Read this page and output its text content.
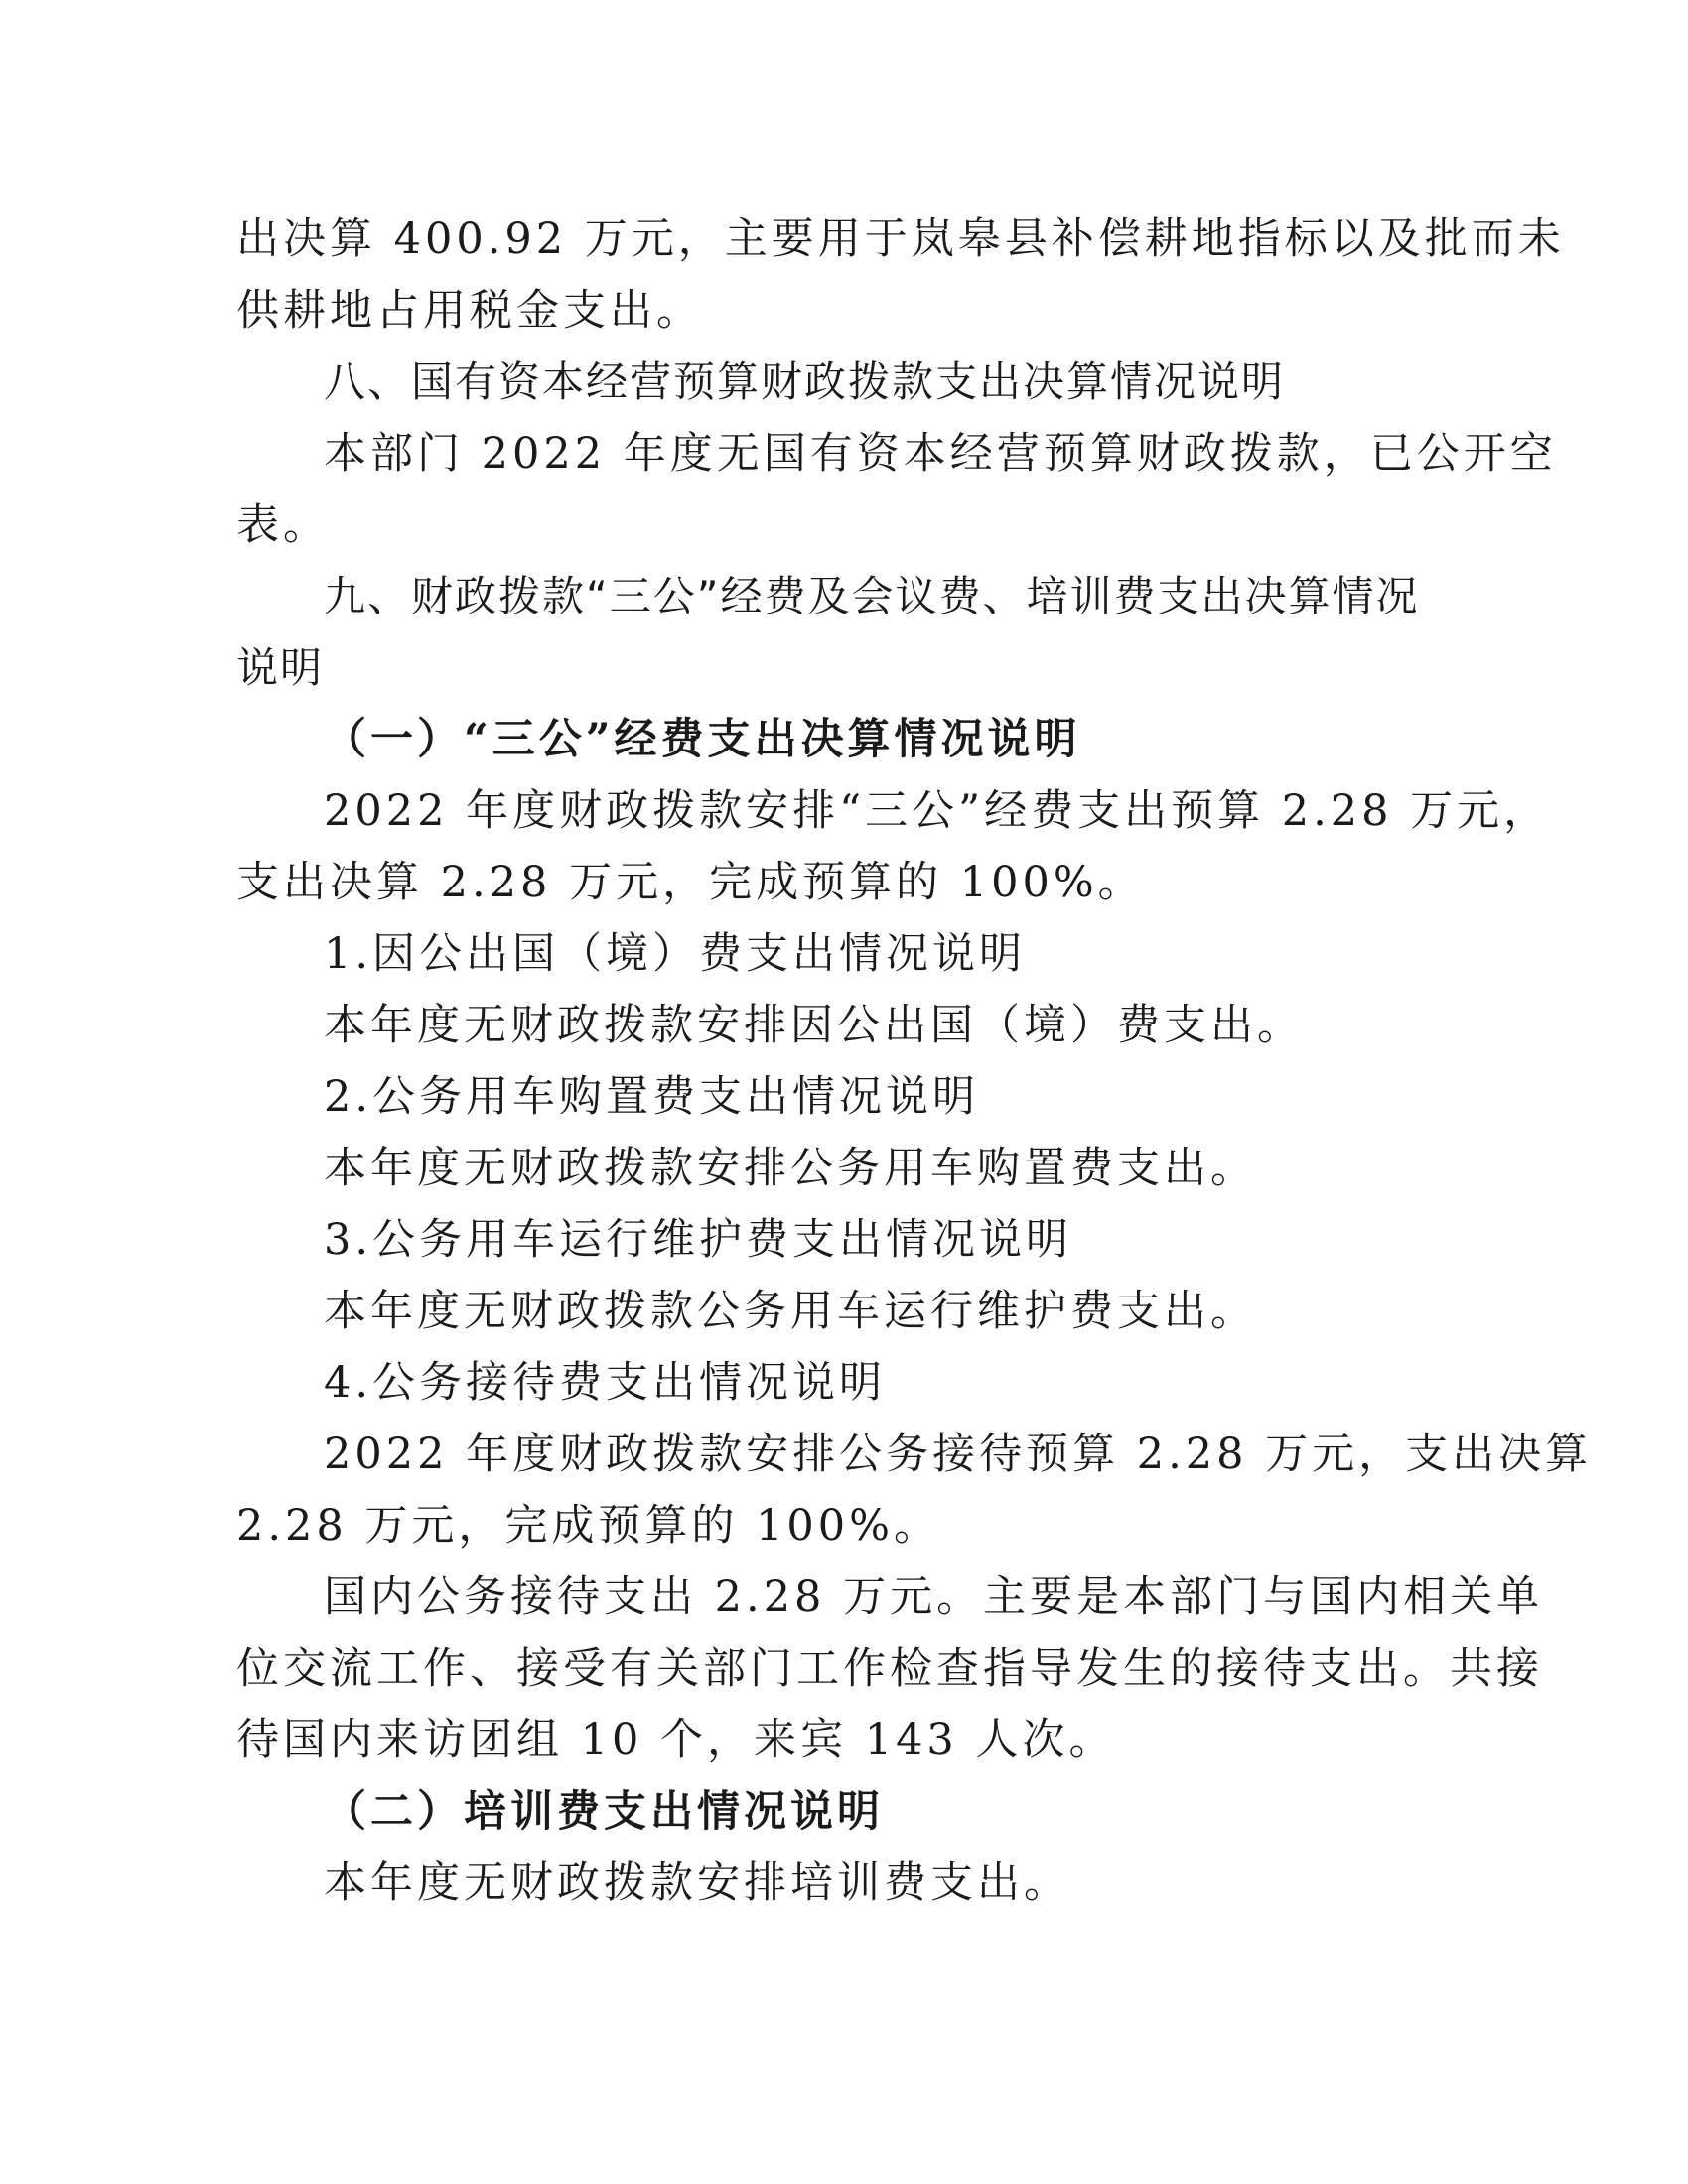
出决算 400.92 万元，主要用于岚皋县补偿耕地指标以及批而未
供耕地占用税金支出。
八、国有资本经营预算财政拨款支出决算情况说明
本部门 2022 年度无国有资本经营预算财政拨款，已公开空
表。
九、财政拨款“三公”经费及会议费、培训费支出决算情况
说明
（一）“三公”经费支出决算情况说明
2022 年度财政拨款安排“三公”经费支出预算 2.28 万元，
支出决算 2.28 万元，完成预算的 100%。
1.因公出国（境）费支出情况说明
本年度无财政拨款安排因公出国（境）费支出。
2.公务用车购置费支出情况说明
本年度无财政拨款安排公务用车购置费支出。
3.公务用车运行维护费支出情况说明
本年度无财政拨款公务用车运行维护费支出。
4.公务接待费支出情况说明
2022 年度财政拨款安排公务接待预算 2.28 万元，支出决算
2.28 万元，完成预算的 100%。
国内公务接待支出 2.28 万元。主要是本部门与国内相关单
位交流工作、接受有关部门工作检查指导发生的接待支出。共接
待国内来访团组 10 个，来宾 143 人次。
（二）培训费支出情况说明
本年度无财政拨款安排培训费支出。
